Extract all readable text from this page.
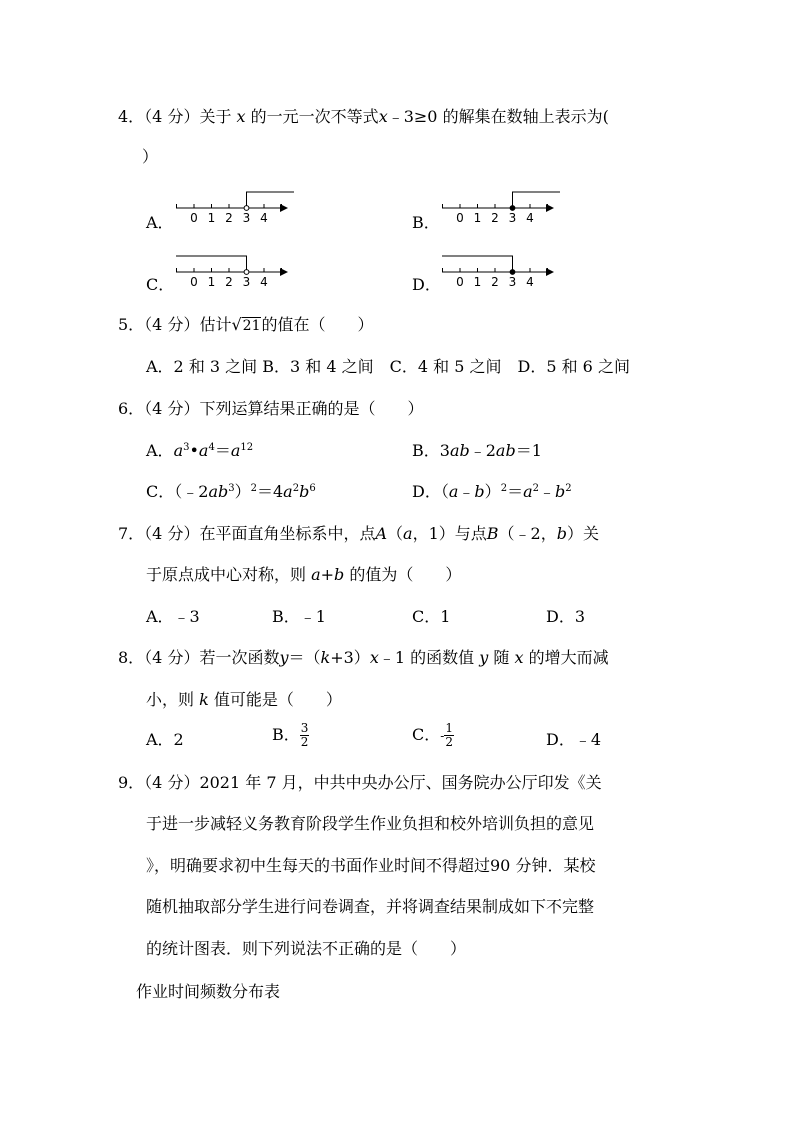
4．（4 分）关于 x 的一元一次不等式x﹣3≥0 的解集在数轴上表示为(
）
A．	B．
C．	D．
0 1 2 3 4	0 1 2 3 4
0 1 2 3 4	0 1 2 3 4
5．（4 分）估计√21的值在（　　）
A．2 和 3 之间 B．3 和 4 之间　C．4 和 5 之间　D．5 和 6 之间
6．（4 分）下列运算结果正确的是（　　）
A．$a^3•a^4=a^{12}$	B．3ab﹣2ab＝1
C．$(﹣2ab^3)^2=4a^2b^6$	D．$(a﹣b)^2=a^2﹣b^2$
7．（4 分）在平面直角坐标系中，点A（a，1）与点B（﹣2，b）关
于原点成中心对称，则 a+b 的值为（　　）
A．﹣3	B．﹣1	C．1	D．3
8．（4 分）若一次函数y＝（k+3）x﹣1 的函数值 y 随 x 的增大而减
小，则 k 值可能是（　　）
A．2	B． $\frac{3}{2}$	C．- $\frac{1}{2}$	D．﹣4
9．（4 分）2021 年 7 月，中共中央办公厅、国务院办公厅印发《关
于进一步减轻义务教育阶段学生作业负担和校外培训负担的意见
》，明确要求初中生每天的书面作业时间不得超过90 分钟．某校
随机抽取部分学生进行问卷调查，并将调查结果制成如下不完整
的统计图表．则下列说法不正确的是（　　）
作业时间频数分布表
